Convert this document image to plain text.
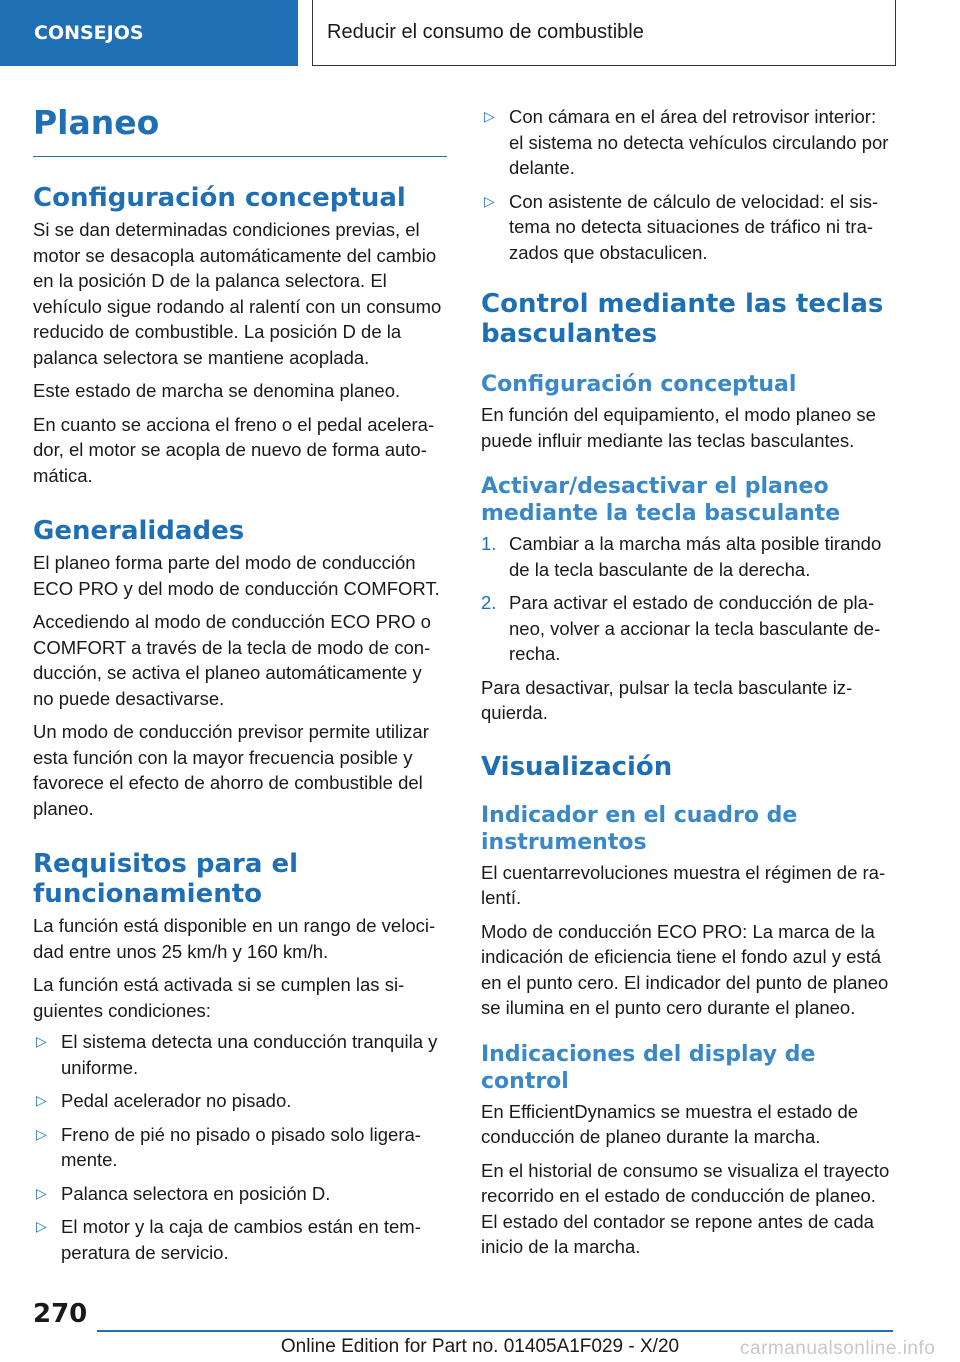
CONSEJOS	Reducir el consumo de combustible
Planeo
Configuración conceptual

Si se dan determinadas condiciones previas, el motor se desacopla automáticamente del cambio en la posición D de la palanca selectora. El vehículo sigue rodando al ralentí con un consumo reducido de combustible. La posición D de la palanca selectora se mantiene acoplada.

Este estado de marcha se denomina planeo.

En cuanto se acciona el freno o el pedal acelerador, el motor se acopla de nuevo de forma automática.

Generalidades

El planeo forma parte del modo de conducción ECO PRO y del modo de conducción COMFORT.

Accediendo al modo de conducción ECO PRO o COMFORT a través de la tecla de modo de conducción, se activa el planeo automáticamente y no puede desactivarse.

Un modo de conducción previsor permite utilizar esta función con la mayor frecuencia posible y favorece el efecto de ahorro de combustible del planeo.

Requisitos para el funcionamiento

La función está disponible en un rango de velocidad entre unos 25 km/h y 160 km/h.

La función está activada si se cumplen las siguientes condiciones:

▷ El sistema detecta una conducción tranquila y uniforme.
▷ Pedal acelerador no pisado.
▷ Freno de pié no pisado o pisado solo ligeramente.
▷ Palanca selectora en posición D.
▷ El motor y la caja de cambios están en temperatura de servicio.
▷ Con cámara en el área del retrovisor interior: el sistema no detecta vehículos circulando por delante.
▷ Con asistente de cálculo de velocidad: el sistema no detecta situaciones de tráfico ni trazados que obstaculicen.
Control mediante las teclas basculantes
Configuración conceptual

En función del equipamiento, el modo planeo se puede influir mediante las teclas basculantes.

Activar/desactivar el planeo mediante la tecla basculante
1. Cambiar a la marcha más alta posible tirando de la tecla basculante de la derecha.
2. Para activar el estado de conducción de planeo, volver a accionar la tecla basculante derecha.

Para desactivar, pulsar la tecla basculante izquierda.

Visualización
Indicador en el cuadro de instrumentos

El cuentarrevoluciones muestra el régimen de ralentí.

Modo de conducción ECO PRO: La marca de la indicación de eficiencia tiene el fondo azul y está en el punto cero. El indicador del punto de planeo se ilumina en el punto cero durante el planeo.

Indicaciones del display de control

En EfficientDynamics se muestra el estado de conducción de planeo durante la marcha.

En el historial de consumo se visualiza el trayecto recorrido en el estado de conducción de planeo. El estado del contador se repone antes de cada inicio de la marcha.

270
Online Edition for Part no. 01405A1F029 - X/20	carmanualsonline.info
